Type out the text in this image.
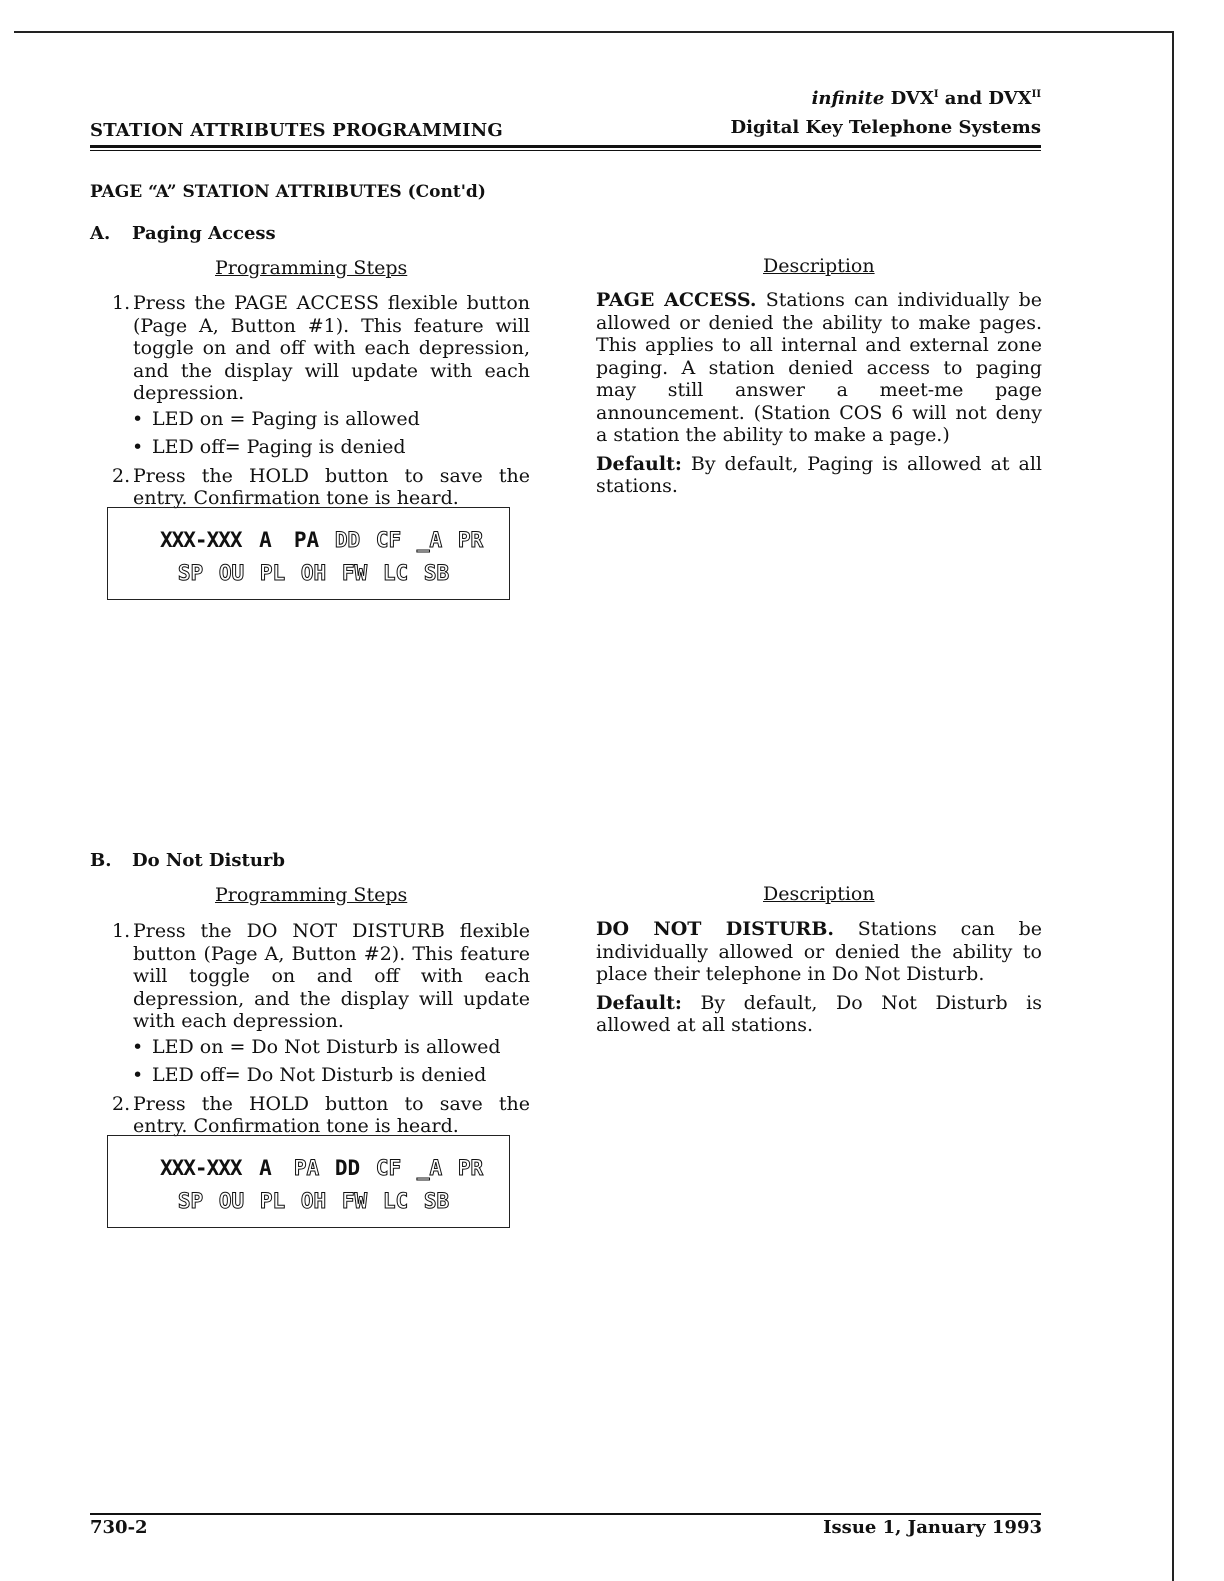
infinite $DVX^I$ and $DVX^{II}$
STATION ATTRIBUTES PROGRAMMING	Digital Key Telephone Systems
PAGE “A” STATION ATTRIBUTES (Cont'd)
A. Paging Access
Programming Steps	Description
1. Press the PAGE ACCESS flexible button (Page A, Button #1). This feature will toggle on and off with each depression, and the display will update with each depression.
• LED on = Paging is allowed
• LED off= Paging is denied
2. Press the HOLD button to save the entry. Confirmation tone is heard.

PAGE ACCESS. Stations can individually be allowed or denied the ability to make pages. This applies to all internal and external zone paging. A station denied access to paging may still answer a meet-me page announcement. (Station COS 6 will not deny a station the ability to make a page.)

Default: By default, Paging is allowed at all stations.

XXX-XXX A	PA DD CF _A PR
SP OU PL OH FW LC SB
B. Do Not Disturb
Programming Steps	Description
1. Press the DO NOT DISTURB flexible button (Page A, Button #2). This feature will toggle on and off with each depression, and the display will update with each depression.
• LED on = Do Not Disturb is allowed
• LED off= Do Not Disturb is denied
2. Press the HOLD button to save the entry. Confirmation tone is heard.

DO NOT DISTURB. Stations can be individually allowed or denied the ability to place their telephone in Do Not Disturb.

Default: By default, Do Not Disturb is allowed at all stations.

XXX-XXX A	PA DD CF _A PR
SP OU PL OH FW LC SB
730-2	Issue 1, January 1993
